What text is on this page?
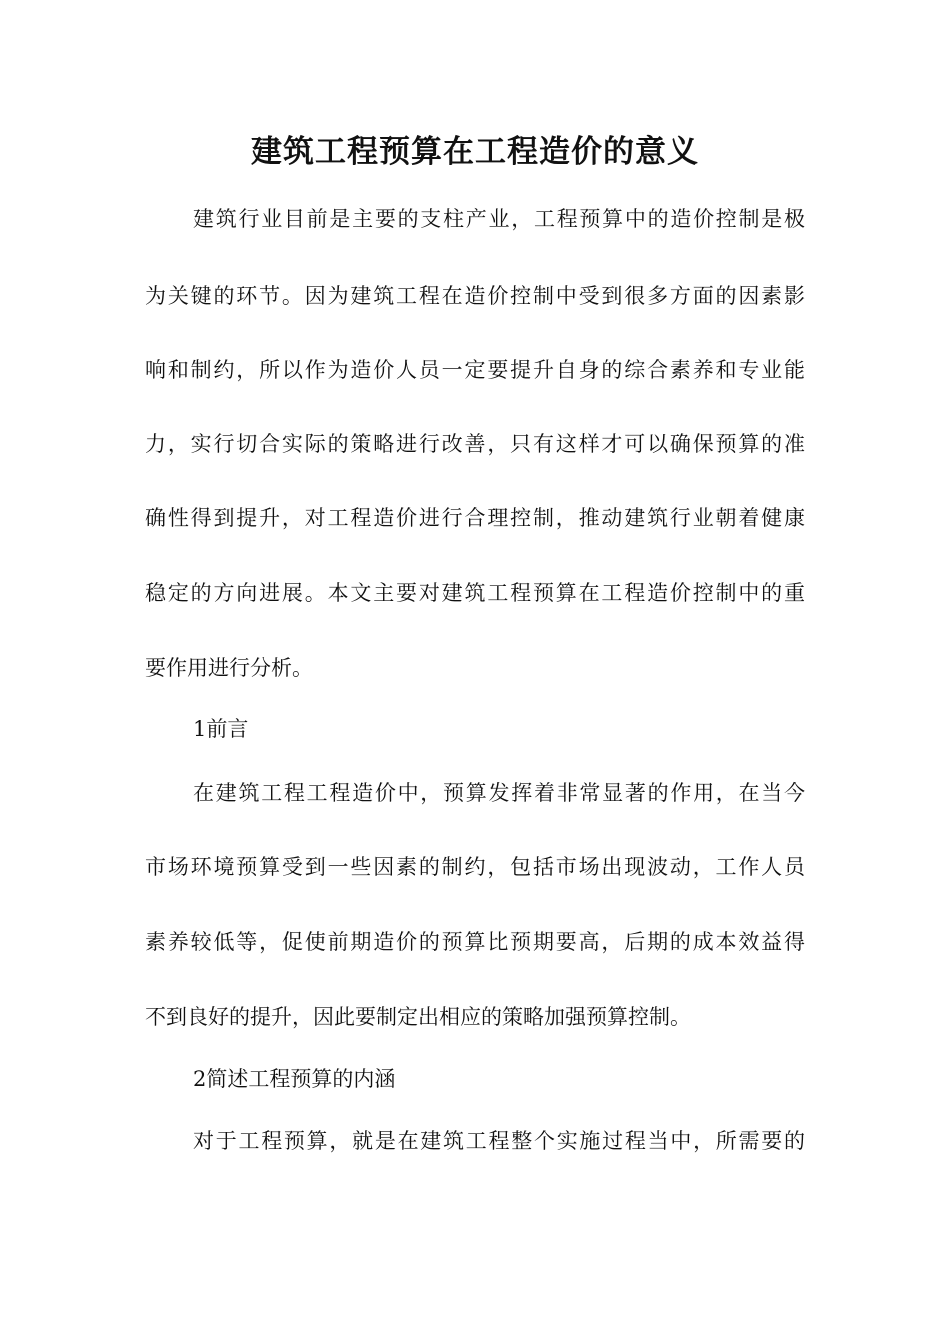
建筑工程预算在工程造价的意义

建筑行业目前是主要的支柱产业，工程预算中的造价控制是极

为关键的环节。因为建筑工程在造价控制中受到很多方面的因素影

响和制约，所以作为造价人员一定要提升自身的综合素养和专业能

力，实行切合实际的策略进行改善，只有这样才可以确保预算的准

确性得到提升，对工程造价进行合理控制，推动建筑行业朝着健康

稳定的方向进展。本文主要对建筑工程预算在工程造价控制中的重

要作用进行分析。

1前言

在建筑工程工程造价中，预算发挥着非常显著的作用，在当今

市场环境预算受到一些因素的制约，包括市场出现波动，工作人员

素养较低等，促使前期造价的预算比预期要高，后期的成本效益得

不到良好的提升，因此要制定出相应的策略加强预算控制。

2简述工程预算的内涵

对于工程预算，就是在建筑工程整个实施过程当中，所需要的
